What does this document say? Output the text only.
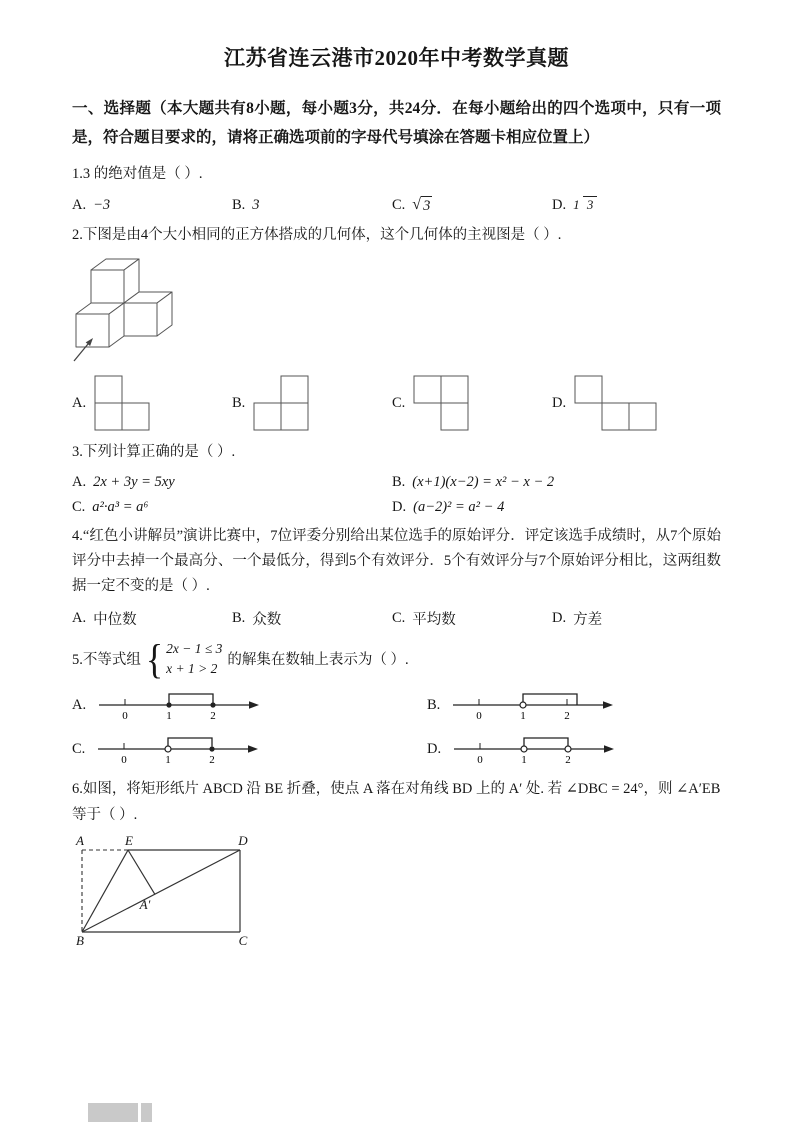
江苏省连云港市2020年中考数学真题

一、选择题（本大题共有8小题，每小题3分，共24分．在每小题给出的四个选项中，只有一项是，符合题目要求的，请将正确选项前的字母代号填涂在答题卡相应位置上）

1.3 的绝对值是（ ）.

A. −3	B. 3	C. √ 3	D. 1 3

2.下图是由4个大小相同的正方体搭成的几何体，这个几何体的主视图是（ ）.

A.	B.	C.	D.

3.下列计算正确的是（ ）.

A. 2x + 3y = 5xy	B. (x+1)(x−2) = x² − x − 2
C. a²·a³ = a⁶	D. (a−2)² = a² − 4

4.“红色小讲解员”演讲比赛中，7位评委分别给出某位选手的原始评分．评定该选手成绩时，从7个原始评分中去掉一个最高分、一个最低分，得到5个有效评分．5个有效评分与7个原始评分相比，这两组数据一定不变的是（ ）.

A. 中位数	B. 众数	C. 平均数	D. 方差
5.不等式组 { 2x − 1 ≤ 3
x + 1 > 2 的解集在数轴上表示为（ ）.
A.
0	1	2
B.
0	1	2
C.
0	1	2
D.
0	1	2

6.如图，将矩形纸片 ABCD 沿 BE 折叠，使点 A 落在对角线 BD 上的 A′ 处. 若 ∠DBC = 24°，则 ∠A′EB 等于（ ）.

A	E	D
B	C
A′
